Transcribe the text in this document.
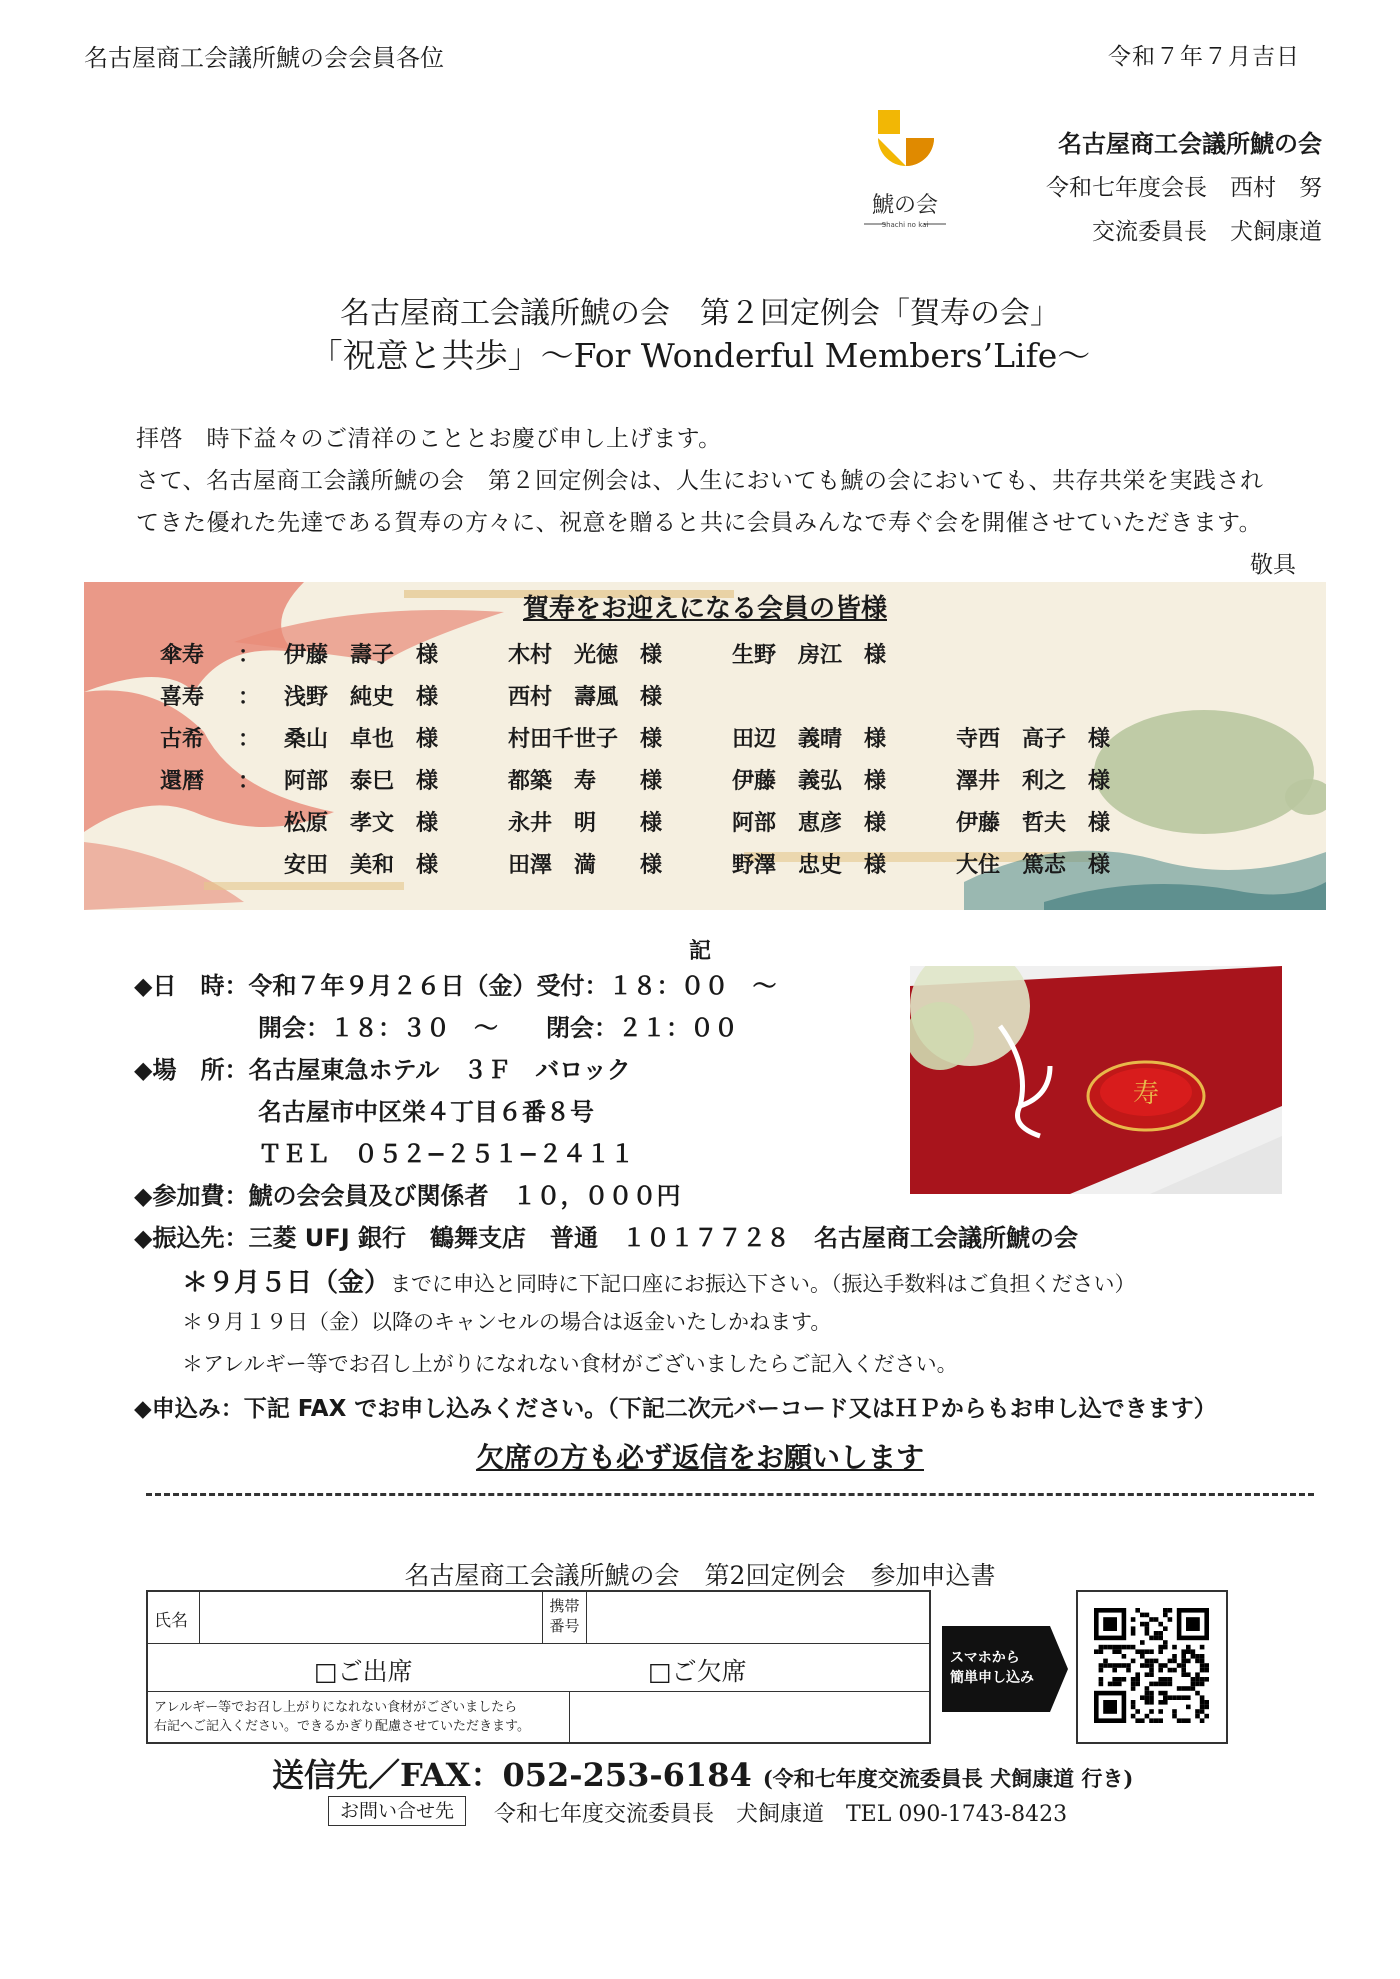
名古屋商工会議所鯱の会会員各位	令和７年７月吉日
鯱の会
Shachi no kai
名古屋商工会議所鯱の会
令和七年度会長　西村　努
交流委員長　犬飼康道
名古屋商工会議所鯱の会　第２回定例会「賀寿の会」
「祝意と共歩」〜For Wonderful Members’Life〜
拝啓　時下益々のご清祥のこととお慶び申し上げます。
さて、名古屋商工会議所鯱の会　第２回定例会は、人生においても鯱の会においても、共存共栄を実践され
てきた優れた先達である賀寿の方々に、祝意を贈ると共に会員みんなで寿ぐ会を開催させていただきます。
敬具
賀寿をお迎えになる会員の皆様
傘寿 ： 伊藤　壽子　様	木村　光徳　様	生野　房江　様
喜寿 ： 浅野　純史　様	西村　壽風　様
古希 ： 桑山　卓也　様	村田千世子　様	田辺　義晴　様	寺西　高子　様
還暦 ： 阿部　泰巳　様	都築　寿　　様	伊藤　義弘　様	澤井　利之　様
松原　孝文　様	永井　明　　様	阿部　恵彦　様	伊藤　哲夫　様
安田　美和　様	田澤　満　　様	野澤　忠史　様	大住　篤志　様
記
◆日　時：令和７年９月２６日（金）受付：１８：００　〜
開会：１８：３０　〜　　閉会：２１：００
◆場　所：名古屋東急ホテル　３Ｆ　バロック
名古屋市中区栄４丁目６番８号
ＴＥＬ　０５２−２５１−２４１１
◆参加費：鯱の会会員及び関係者　１０，０００円
◆振込先：三菱 UFJ 銀行　鶴舞支店　普通　１０１７７２８　名古屋商工会議所鯱の会
＊９月５日（金）までに申込と同時に下記口座にお振込下さい。（振込手数料はご負担ください）
＊９月１９日（金）以降のキャンセルの場合は返金いたしかねます。
＊アレルギー等でお召し上がりになれない食材がございましたらご記入ください。
◆申込み：下記 FAX でお申し込みください。（下記二次元バーコード又はＨＰからもお申し込できます）
欠席の方も必ず返信をお願いします
寿
名古屋商工会議所鯱の会　第2回定例会　参加申込書
氏名
携帯
番号
□ご出席	□ご欠席
アレルギー等でお召し上がりになれない食材がございましたら
右記へご記入ください。できるかぎり配慮させていただきます。
スマホから
簡単申し込み
送信先／FAX：052-253-6184 (令和七年度交流委員長 犬飼康道 行き)
お問い合せ先	令和七年度交流委員長　犬飼康道　TEL 090-1743-8423
